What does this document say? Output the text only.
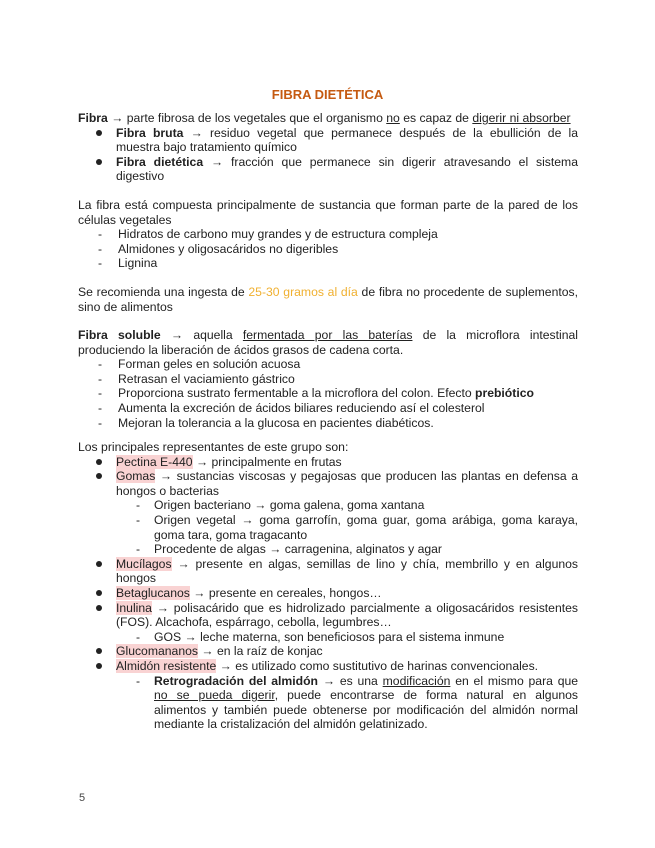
FIBRA DIETÉTICA

Fibra → parte fibrosa de los vegetales que el organismo no es capaz de digerir ni absorber

Fibra bruta → residuo vegetal que permanece después de la ebullición de la

muestra bajo tratamiento químico

Fibra dietética → fracción que permanece sin digerir atravesando el sistema

digestivo

La fibra está compuesta principalmente de sustancia que forman parte de la pared de los

células vegetales

- Hidratos de carbono muy grandes y de estructura compleja
- Almidones y oligosacáridos no digeribles
- Lignina

Se recomienda una ingesta de 25-30 gramos al día de fibra no procedente de suplementos,

sino de alimentos

Fibra soluble → aquella fermentada por las baterías de la microflora intestinal

produciendo la liberación de ácidos grasos de cadena corta.

- Forman geles en solución acuosa
- Retrasan el vaciamiento gástrico
- Proporciona sustrato fermentable a la microflora del colon. Efecto prebiótico
- Aumenta la excreción de ácidos biliares reduciendo así el colesterol
- Mejoran la tolerancia a la glucosa en pacientes diabéticos.

Los principales representantes de este grupo son:

Pectina E-440 → principalmente en frutas

Gomas → sustancias viscosas y pegajosas que producen las plantas en defensa a

hongos o bacterias

- Origen bacteriano → goma galena, goma xantana

- Origen vegetal → goma garrofín, goma guar, goma arábiga, goma karaya,

goma tara, goma tragacanto

- Procedente de algas → carragenina, alginatos y agar

Mucílagos → presente en algas, semillas de lino y chía, membrillo y en algunos

hongos

Betaglucanos → presente en cereales, hongos…

Inulina → polisacárido que es hidrolizado parcialmente a oligosacáridos resistentes

(FOS). Alcachofa, espárrago, cebolla, legumbres…

- GOS → leche materna, son beneficiosos para el sistema inmune
Glucomananos → en la raíz de konjac
Almidón resistente → es utilizado como sustitutivo de harinas convencionales.

- Retrogradación del almidón → es una modificación en el mismo para que

no se pueda digerir, puede encontrarse de forma natural en algunos

alimentos y también puede obtenerse por modificación del almidón normal

mediante la cristalización del almidón gelatinizado.

5
